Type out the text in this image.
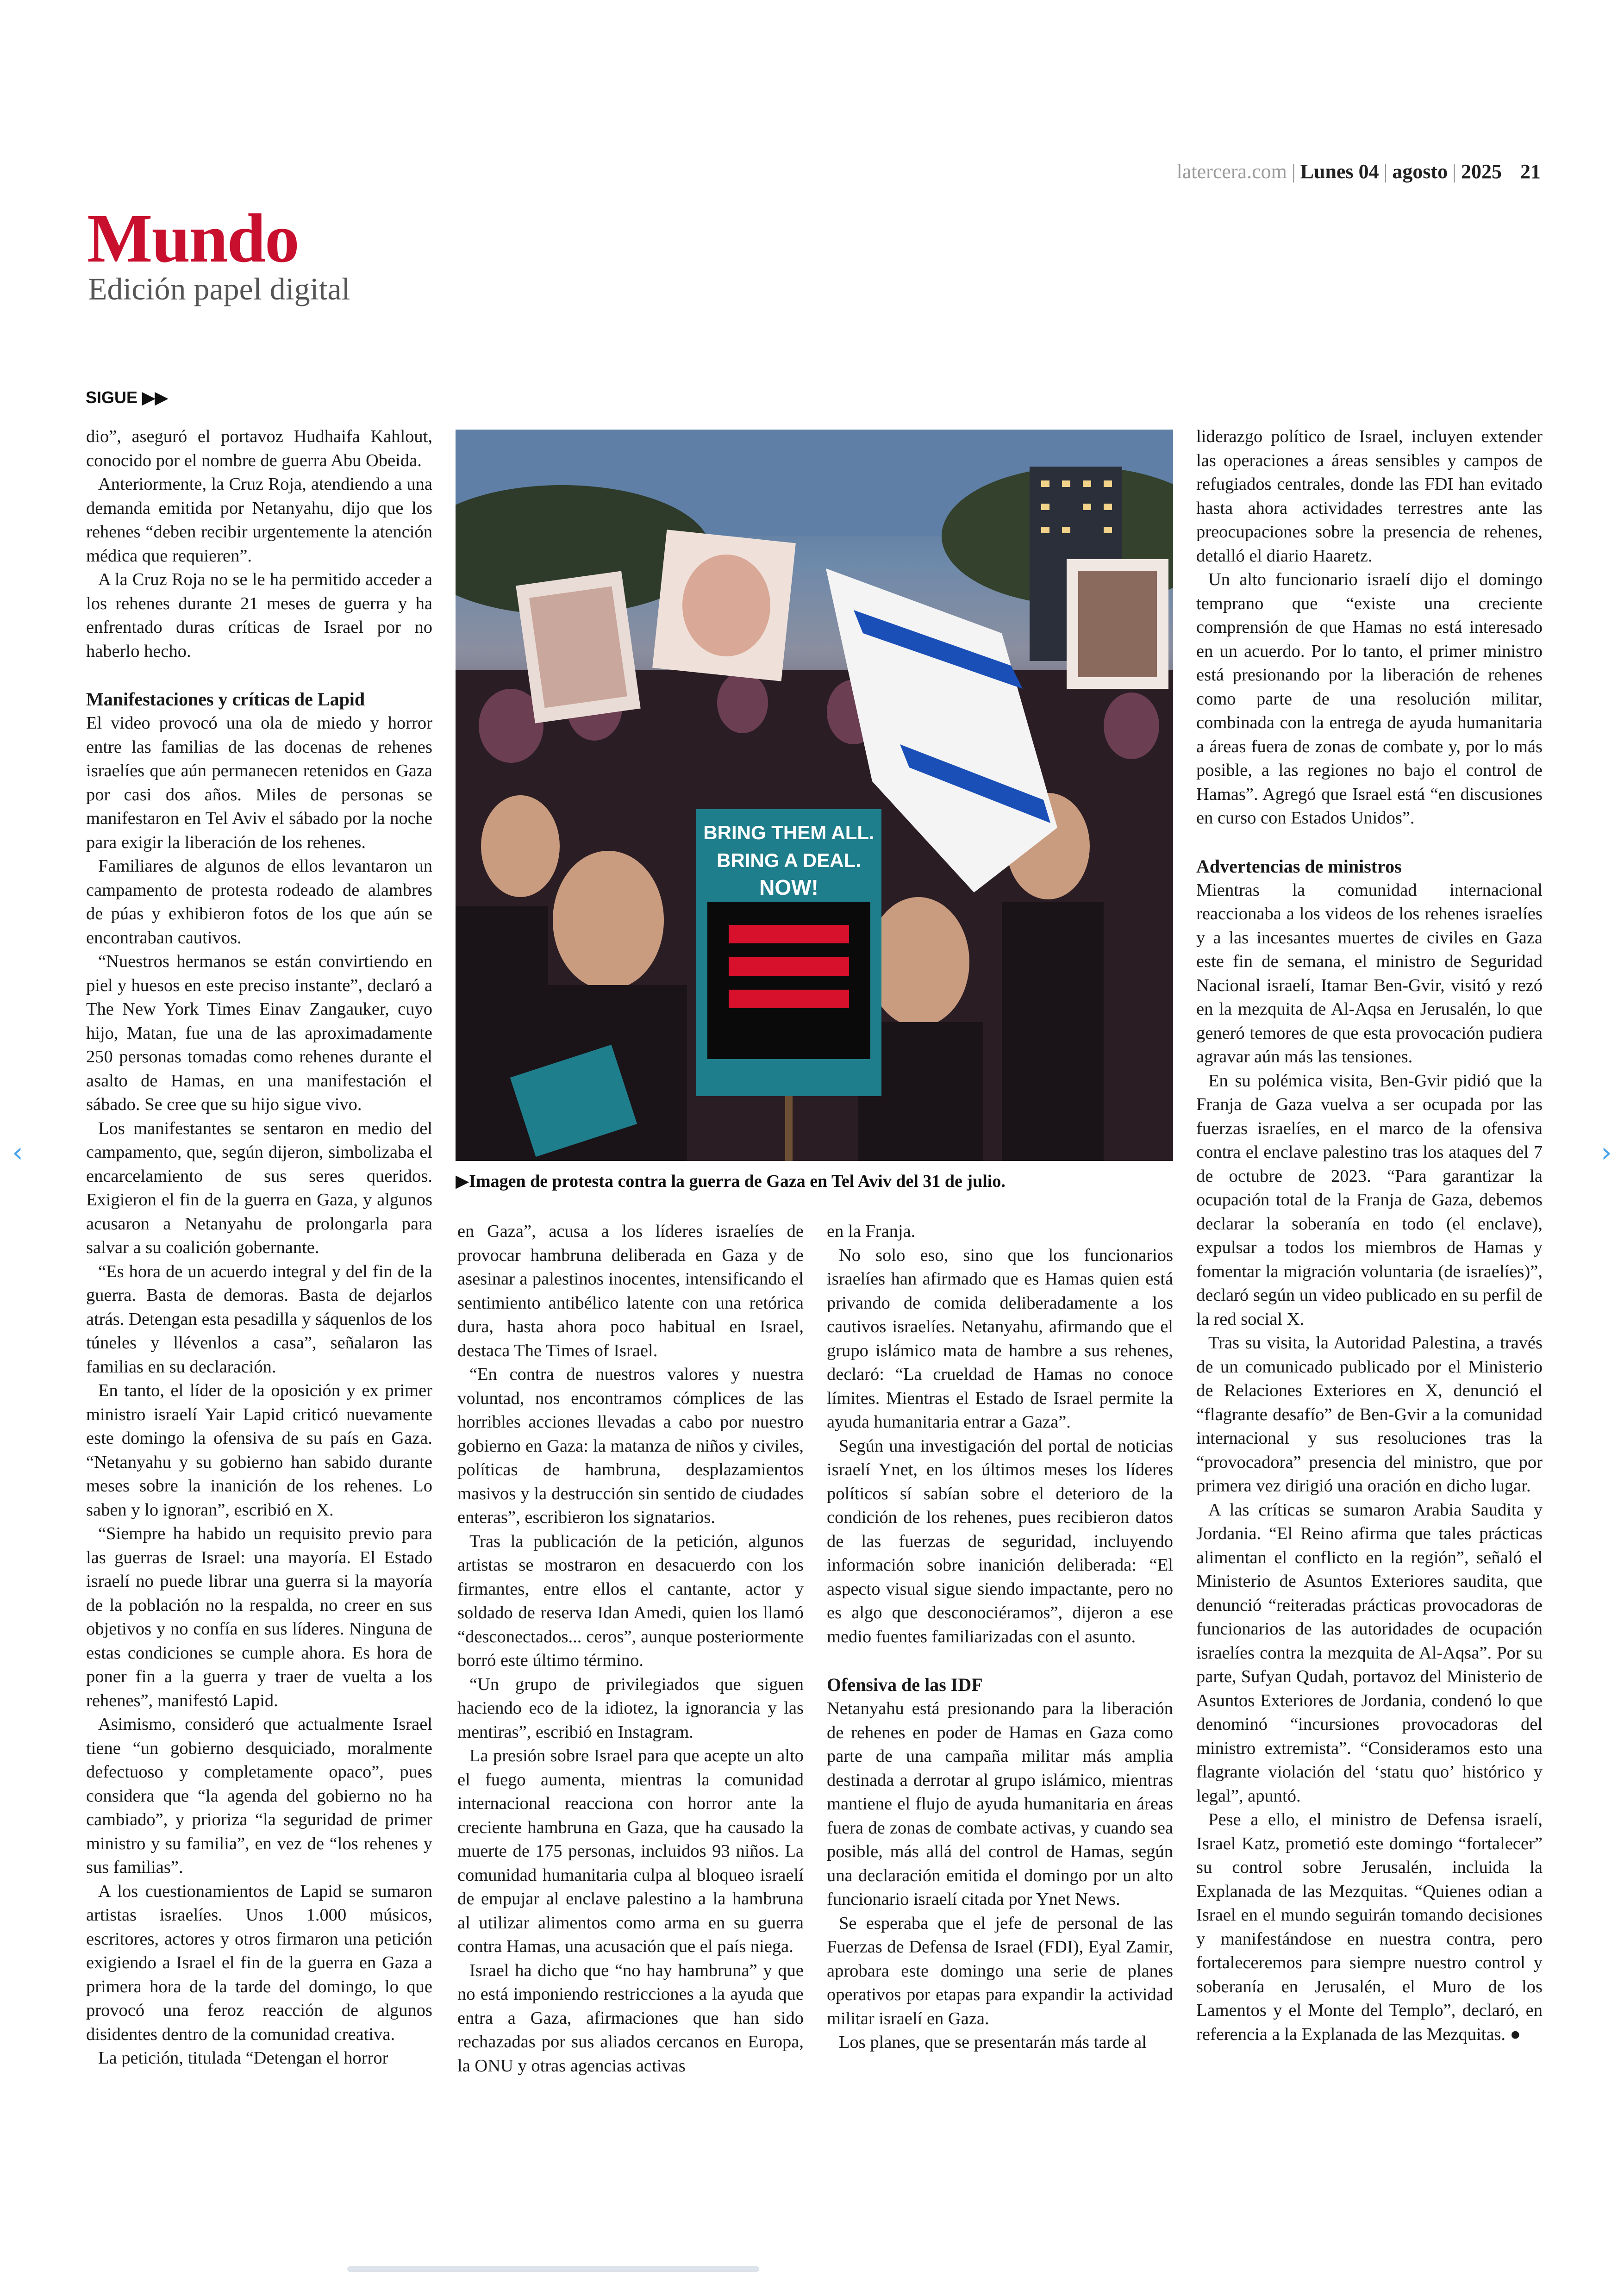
latercera.com | Lunes 04 | agosto | 2025 21
Mundo
Edición papel digital
SIGUE ▶▶

dio”, aseguró el portavoz Hudhaifa Kahlout, conocido por el nombre de guerra Abu Obeida.

Anteriormente, la Cruz Roja, atendiendo a una demanda emitida por Netanyahu, dijo que los rehenes “deben recibir urgentemente la atención médica que requieren”.

A la Cruz Roja no se le ha permitido acceder a los rehenes durante 21 meses de guerra y ha enfrentado duras críticas de Israel por no haberlo hecho.

Manifestaciones y críticas de Lapid

El video provocó una ola de miedo y horror entre las familias de las docenas de rehenes israelíes que aún permanecen retenidos en Gaza por casi dos años. Miles de personas se manifestaron en Tel Aviv el sábado por la noche para exigir la liberación de los rehenes.

Familiares de algunos de ellos levantaron un campamento de protesta rodeado de alambres de púas y exhibieron fotos de los que aún se encontraban cautivos.

“Nuestros hermanos se están convirtiendo en piel y huesos en este preciso instante”, declaró a The New York Times Einav Zangauker, cuyo hijo, Matan, fue una de las aproximadamente 250 personas tomadas como rehenes durante el asalto de Hamas, en una manifestación el sábado. Se cree que su hijo sigue vivo.

Los manifestantes se sentaron en medio del campamento, que, según dijeron, simbolizaba el encarcelamiento de sus seres queridos. Exigieron el fin de la guerra en Gaza, y algunos acusaron a Netanyahu de prolongarla para salvar a su coalición gobernante.

“Es hora de un acuerdo integral y del fin de la guerra. Basta de demoras. Basta de dejarlos atrás. Detengan esta pesadilla y sáquenlos de los túneles y llévenlos a casa”, señalaron las familias en su declaración.

En tanto, el líder de la oposición y ex primer ministro israelí Yair Lapid criticó nuevamente este domingo la ofensiva de su país en Gaza. “Netanyahu y su gobierno han sabido durante meses sobre la inanición de los rehenes. Lo saben y lo ignoran”, escribió en X.

“Siempre ha habido un requisito previo para las guerras de Israel: una mayoría. El Estado israelí no puede librar una guerra si la mayoría de la población no la respalda, no creer en sus objetivos y no confía en sus líderes. Ninguna de estas condiciones se cumple ahora. Es hora de poner fin a la guerra y traer de vuelta a los rehenes”, manifestó Lapid.

Asimismo, consideró que actualmente Israel tiene “un gobierno desquiciado, moralmente defectuoso y completamente opaco”, pues considera que “la agenda del gobierno no ha cambiado”, y prioriza “la seguridad de primer ministro y su familia”, en vez de “los rehenes y sus familias”.

A los cuestionamientos de Lapid se sumaron artistas israelíes. Unos 1.000 músicos, escritores, actores y otros firmaron una petición exigiendo a Israel el fin de la guerra en Gaza a primera hora de la tarde del domingo, lo que provocó una feroz reacción de algunos disidentes dentro de la comunidad creativa.

La petición, titulada “Detengan el horror

BRING THEM ALL.
BRING A DEAL.
NOW!
▶Imagen de protesta contra la guerra de Gaza en Tel Aviv del 31 de julio.

en Gaza”, acusa a los líderes israelíes de provocar hambruna deliberada en Gaza y de asesinar a palestinos inocentes, intensificando el sentimiento antibélico latente con una retórica dura, hasta ahora poco habitual en Israel, destaca The Times of Israel.

“En contra de nuestros valores y nuestra voluntad, nos encontramos cómplices de las horribles acciones llevadas a cabo por nuestro gobierno en Gaza: la matanza de niños y civiles, políticas de hambruna, desplazamientos masivos y la destrucción sin sentido de ciudades enteras”, escribieron los signatarios.

Tras la publicación de la petición, algunos artistas se mostraron en desacuerdo con los firmantes, entre ellos el cantante, actor y soldado de reserva Idan Amedi, quien los llamó “desconectados... ceros”, aunque posteriormente borró este último término.

“Un grupo de privilegiados que siguen haciendo eco de la idiotez, la ignorancia y las mentiras”, escribió en Instagram.

La presión sobre Israel para que acepte un alto el fuego aumenta, mientras la comunidad internacional reacciona con horror ante la creciente hambruna en Gaza, que ha causado la muerte de 175 personas, incluidos 93 niños. La comunidad humanitaria culpa al bloqueo israelí de empujar al enclave palestino a la hambruna al utilizar alimentos como arma en su guerra contra Hamas, una acusación que el país niega.

Israel ha dicho que “no hay hambruna” y que no está imponiendo restricciones a la ayuda que entra a Gaza, afirmaciones que han sido rechazadas por sus aliados cercanos en Europa, la ONU y otras agencias activas

en la Franja.

No solo eso, sino que los funcionarios israelíes han afirmado que es Hamas quien está privando de comida deliberadamente a los cautivos israelíes. Netanyahu, afirmando que el grupo islámico mata de hambre a sus rehenes, declaró: “La crueldad de Hamas no conoce límites. Mientras el Estado de Israel permite la ayuda humanitaria entrar a Gaza”.

Según una investigación del portal de noticias israelí Ynet, en los últimos meses los líderes políticos sí sabían sobre el deterioro de la condición de los rehenes, pues recibieron datos de las fuerzas de seguridad, incluyendo información sobre inanición deliberada: “El aspecto visual sigue siendo impactante, pero no es algo que desconociéramos”, dijeron a ese medio fuentes familiarizadas con el asunto.

Ofensiva de las IDF

Netanyahu está presionando para la liberación de rehenes en poder de Hamas en Gaza como parte de una campaña militar más amplia destinada a derrotar al grupo islámico, mientras mantiene el flujo de ayuda humanitaria en áreas fuera de zonas de combate activas, y cuando sea posible, más allá del control de Hamas, según una declaración emitida el domingo por un alto funcionario israelí citada por Ynet News.

Se esperaba que el jefe de personal de las Fuerzas de Defensa de Israel (FDI), Eyal Zamir, aprobara este domingo una serie de planes operativos por etapas para expandir la actividad militar israelí en Gaza.

Los planes, que se presentarán más tarde al

liderazgo político de Israel, incluyen extender las operaciones a áreas sensibles y campos de refugiados centrales, donde las FDI han evitado hasta ahora actividades terrestres ante las preocupaciones sobre la presencia de rehenes, detalló el diario Haaretz.

Un alto funcionario israelí dijo el domingo temprano que “existe una creciente comprensión de que Hamas no está interesado en un acuerdo. Por lo tanto, el primer ministro está presionando por la liberación de rehenes como parte de una resolución militar, combinada con la entrega de ayuda humanitaria a áreas fuera de zonas de combate y, por lo más posible, a las regiones no bajo el control de Hamas”. Agregó que Israel está “en discusiones en curso con Estados Unidos”.

Advertencias de ministros

Mientras la comunidad internacional reaccionaba a los videos de los rehenes israelíes y a las incesantes muertes de civiles en Gaza este fin de semana, el ministro de Seguridad Nacional israelí, Itamar Ben-Gvir, visitó y rezó en la mezquita de Al-Aqsa en Jerusalén, lo que generó temores de que esta provocación pudiera agravar aún más las tensiones.

En su polémica visita, Ben-Gvir pidió que la Franja de Gaza vuelva a ser ocupada por las fuerzas israelíes, en el marco de la ofensiva contra el enclave palestino tras los ataques del 7 de octubre de 2023. “Para garantizar la ocupación total de la Franja de Gaza, debemos declarar la soberanía en todo (el enclave), expulsar a todos los miembros de Hamas y fomentar la migración voluntaria (de israelíes)”, declaró según un video publicado en su perfil de la red social X.

Tras su visita, la Autoridad Palestina, a través de un comunicado publicado por el Ministerio de Relaciones Exteriores en X, denunció el “flagrante desafío” de Ben-Gvir a la comunidad internacional y sus resoluciones tras la “provocadora” presencia del ministro, que por primera vez dirigió una oración en dicho lugar.

A las críticas se sumaron Arabia Saudita y Jordania. “El Reino afirma que tales prácticas alimentan el conflicto en la región”, señaló el Ministerio de Asuntos Exteriores saudita, que denunció “reiteradas prácticas provocadoras de funcionarios de las autoridades de ocupación israelíes contra la mezquita de Al-Aqsa”. Por su parte, Sufyan Qudah, portavoz del Ministerio de Asuntos Exteriores de Jordania, condenó lo que denominó “incursiones provocadoras del ministro extremista”. “Consideramos esto una flagrante violación del ‘statu quo’ histórico y legal”, apuntó.

Pese a ello, el ministro de Defensa israelí, Israel Katz, prometió este domingo “fortalecer” su control sobre Jerusalén, incluida la Explanada de las Mezquitas. “Quienes odian a Israel en el mundo seguirán tomando decisiones y manifestándose en nuestra contra, pero fortaleceremos para siempre nuestro control y soberanía en Jerusalén, el Muro de los Lamentos y el Monte del Templo”, declaró, en referencia a la Explanada de las Mezquitas. ●

‹	›
